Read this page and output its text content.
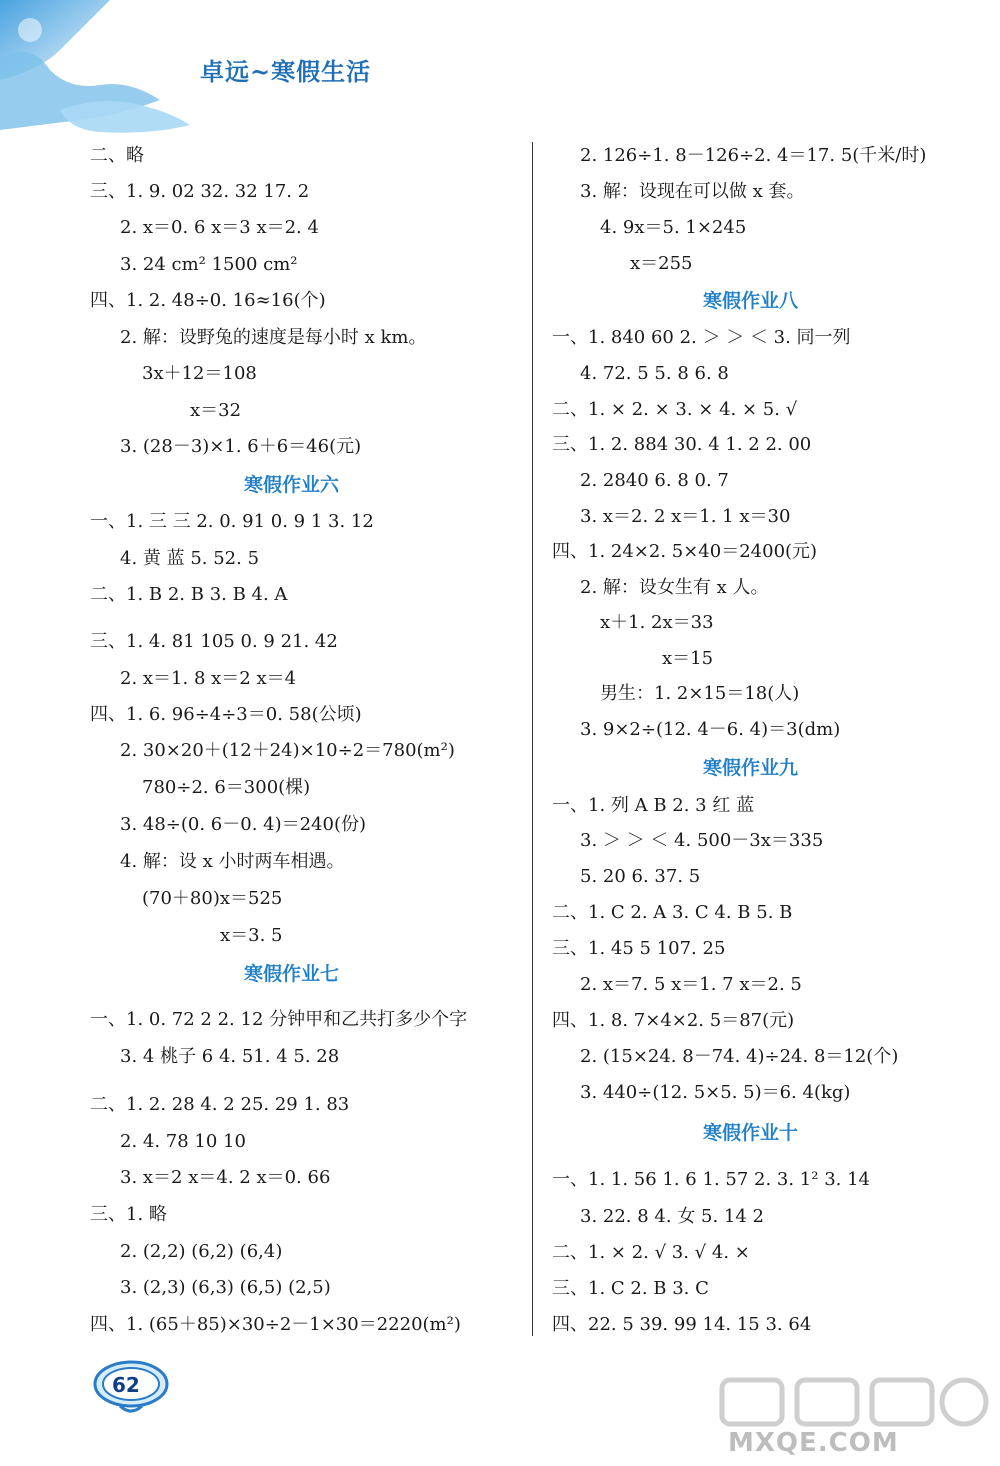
卓远~寒假生活
二、略
三、1. 9. 02 32. 32 17. 2
2. x＝0. 6 x＝3 x＝2. 4
3. 24 cm² 1500 cm²
四、1. 2. 48÷0. 16≈16(个)
2. 解：设野兔的速度是每小时 x km。
3x＋12＝108
x＝32
3. (28－3)×1. 6＋6＝46(元)
寒假作业六
一、1. 三 三 2. 0. 91 0. 9 1 3. 12
4. 黄 蓝 5. 52. 5
二、1. B 2. B 3. B 4. A
三、1. 4. 81 105 0. 9 21. 42
2. x＝1. 8 x＝2 x＝4
四、1. 6. 96÷4÷3＝0. 58(公顷)
2. 30×20＋(12＋24)×10÷2＝780(m²)
780÷2. 6＝300(棵)
3. 48÷(0. 6－0. 4)＝240(份)
4. 解：设 x 小时两车相遇。
(70＋80)x＝525
x＝3. 5
寒假作业七
一、1. 0. 72 2 2. 12 分钟甲和乙共打多少个字
3. 4 桃子 6 4. 51. 4 5. 28
二、1. 2. 28 4. 2 25. 29 1. 83
2. 4. 78 10 10
3. x＝2 x＝4. 2 x＝0. 66
三、1. 略
2. (2,2) (6,2) (6,4)
3. (2,3) (6,3) (6,5) (2,5)
四、1. (65＋85)×30÷2－1×30＝2220(m²)
2. 126÷1. 8－126÷2. 4＝17. 5(千米/时)
3. 解：设现在可以做 x 套。
4. 9x＝5. 1×245
x＝255
寒假作业八
一、1. 840 60 2. ＞ ＞ ＜ 3. 同一列
4. 72. 5 5. 8 6. 8
二、1. × 2. × 3. × 4. × 5. √
三、1. 2. 884 30. 4 1. 2 2. 00
2. 2840 6. 8 0. 7
3. x＝2. 2 x＝1. 1 x＝30
四、1. 24×2. 5×40＝2400(元)
2. 解：设女生有 x 人。
x＋1. 2x＝33
x＝15
男生：1. 2×15＝18(人)
3. 9×2÷(12. 4－6. 4)＝3(dm)
寒假作业九
一、1. 列 A B 2. 3 红 蓝
3. ＞ ＞ ＜ 4. 500－3x＝335
5. 20 6. 37. 5
二、1. C 2. A 3. C 4. B 5. B
三、1. 45 5 107. 25
2. x＝7. 5 x＝1. 7 x＝2. 5
四、1. 8. 7×4×2. 5＝87(元)
2. (15×24. 8－74. 4)÷24. 8＝12(个)
3. 440÷(12. 5×5. 5)＝6. 4(kg)
寒假作业十
一、1. 1. 56 1. 6 1. 57 2. 3. 1² 3. 14
3. 22. 8 4. 女 5. 14 2
二、1. × 2. √ 3. √ 4. ×
三、1. C 2. B 3. C
四、22. 5 39. 99 14. 15 3. 64
62
MXQE.COM
